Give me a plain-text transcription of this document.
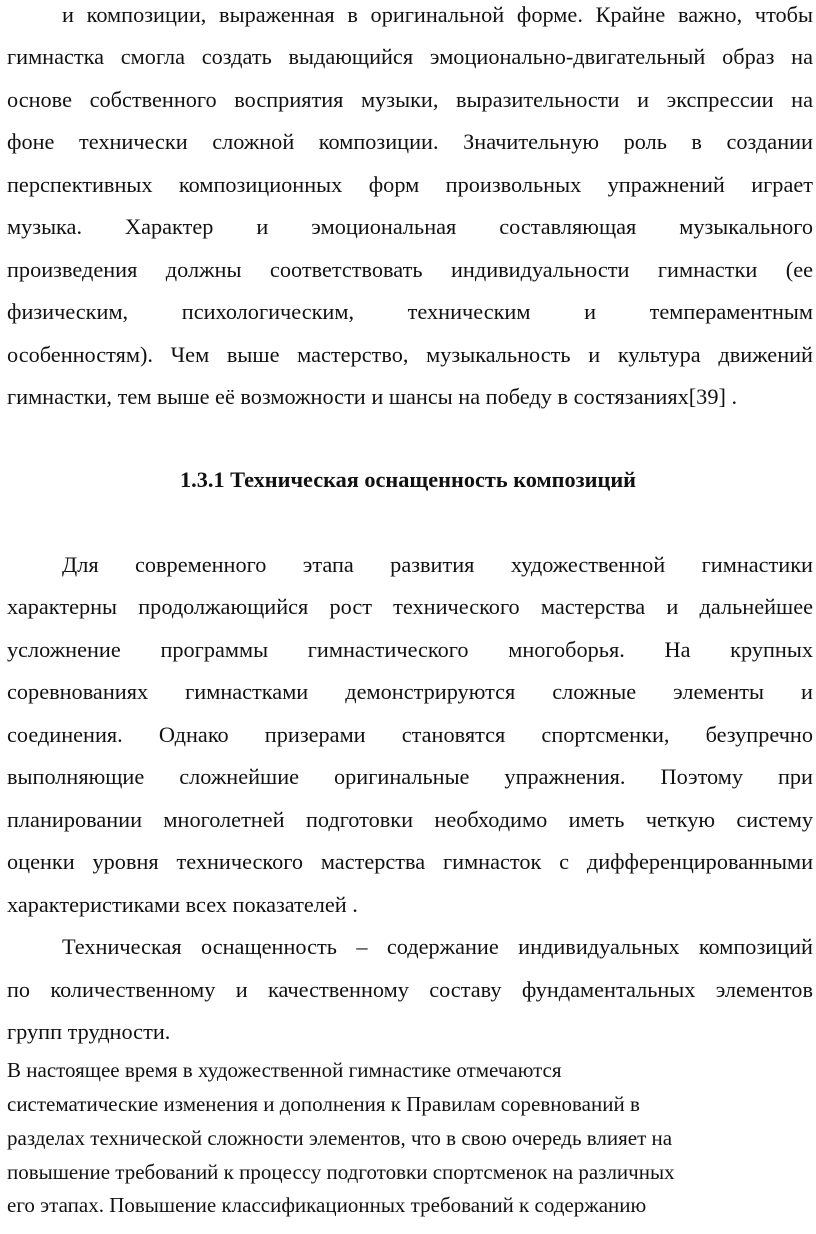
и композиции, выраженная в оригинальной форме. Крайне важно, чтобы

гимнастка смогла создать выдающийся эмоционально-двигательный образ на

основе собственного восприятия музыки, выразительности и экспрессии на

фоне технически сложной композиции. Значительную роль в создании

перспективных композиционных форм произвольных упражнений играет

музыка. Характер и эмоциональная составляющая музыкального

произведения должны соответствовать индивидуальности гимнастки (ее

физическим, психологическим, техническим и темпераментным

особенностям). Чем выше мастерство, музыкальность и культура движений

гимнастки, тем выше её возможности и шансы на победу в состязаниях[39] .

1.3.1 Техническая оснащенность композиций

Для современного этапа развития художественной гимнастики

характерны продолжающийся рост технического мастерства и дальнейшее

усложнение программы гимнастического многоборья. На крупных

соревнованиях гимнастками демонстрируются сложные элементы и

соединения. Однако призерами становятся спортсменки, безупречно

выполняющие сложнейшие оригинальные упражнения. Поэтому при

планировании многолетней подготовки необходимо иметь четкую систему

оценки уровня технического мастерства гимнасток с дифференцированными

характеристиками всех показателей .

Техническая оснащенность – содержание индивидуальных композиций

по количественному и качественному составу фундаментальных элементов

групп трудности.

В настоящее время в художественной гимнастике отмечаются

систематические изменения и дополнения к Правилам соревнований в

разделах технической сложности элементов, что в свою очередь влияет на

повышение требований к процессу подготовки спортсменок на различных

его этапах. Повышение классификационных требований к содержанию
